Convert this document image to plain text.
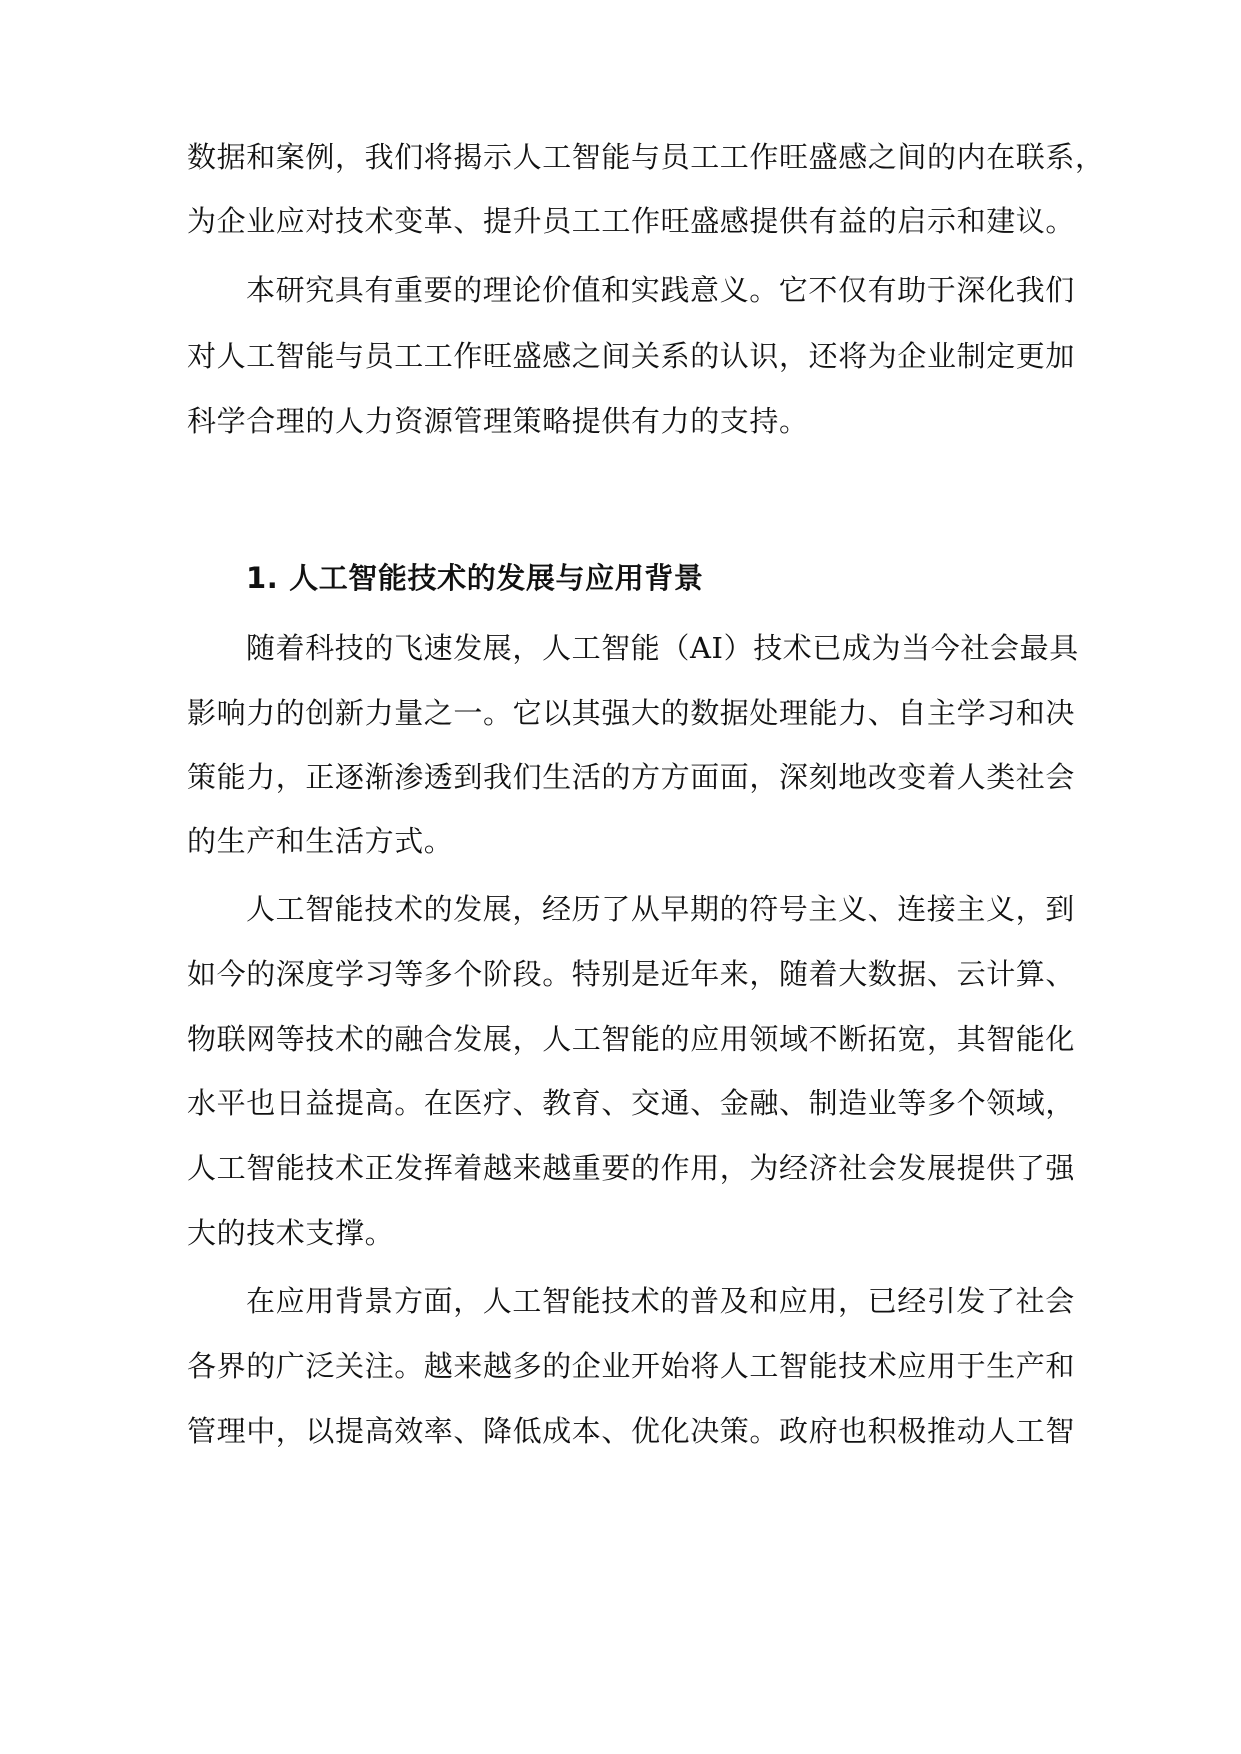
数据和案例，我们将揭示人工智能与员工工作旺盛感之间的内在联系，
为企业应对技术变革、提升员工工作旺盛感提供有益的启示和建议。
本研究具有重要的理论价值和实践意义。它不仅有助于深化我们
对人工智能与员工工作旺盛感之间关系的认识，还将为企业制定更加
科学合理的人力资源管理策略提供有力的支持。
1. 人工智能技术的发展与应用背景
随着科技的飞速发展，人工智能（AI）技术已成为当今社会最具
影响力的创新力量之一。它以其强大的数据处理能力、自主学习和决
策能力，正逐渐渗透到我们生活的方方面面，深刻地改变着人类社会
的生产和生活方式。
人工智能技术的发展，经历了从早期的符号主义、连接主义，到
如今的深度学习等多个阶段。特别是近年来，随着大数据、云计算、
物联网等技术的融合发展，人工智能的应用领域不断拓宽，其智能化
水平也日益提高。在医疗、教育、交通、金融、制造业等多个领域，
人工智能技术正发挥着越来越重要的作用，为经济社会发展提供了强
大的技术支撑。
在应用背景方面，人工智能技术的普及和应用，已经引发了社会
各界的广泛关注。越来越多的企业开始将人工智能技术应用于生产和
管理中，以提高效率、降低成本、优化决策。政府也积极推动人工智
